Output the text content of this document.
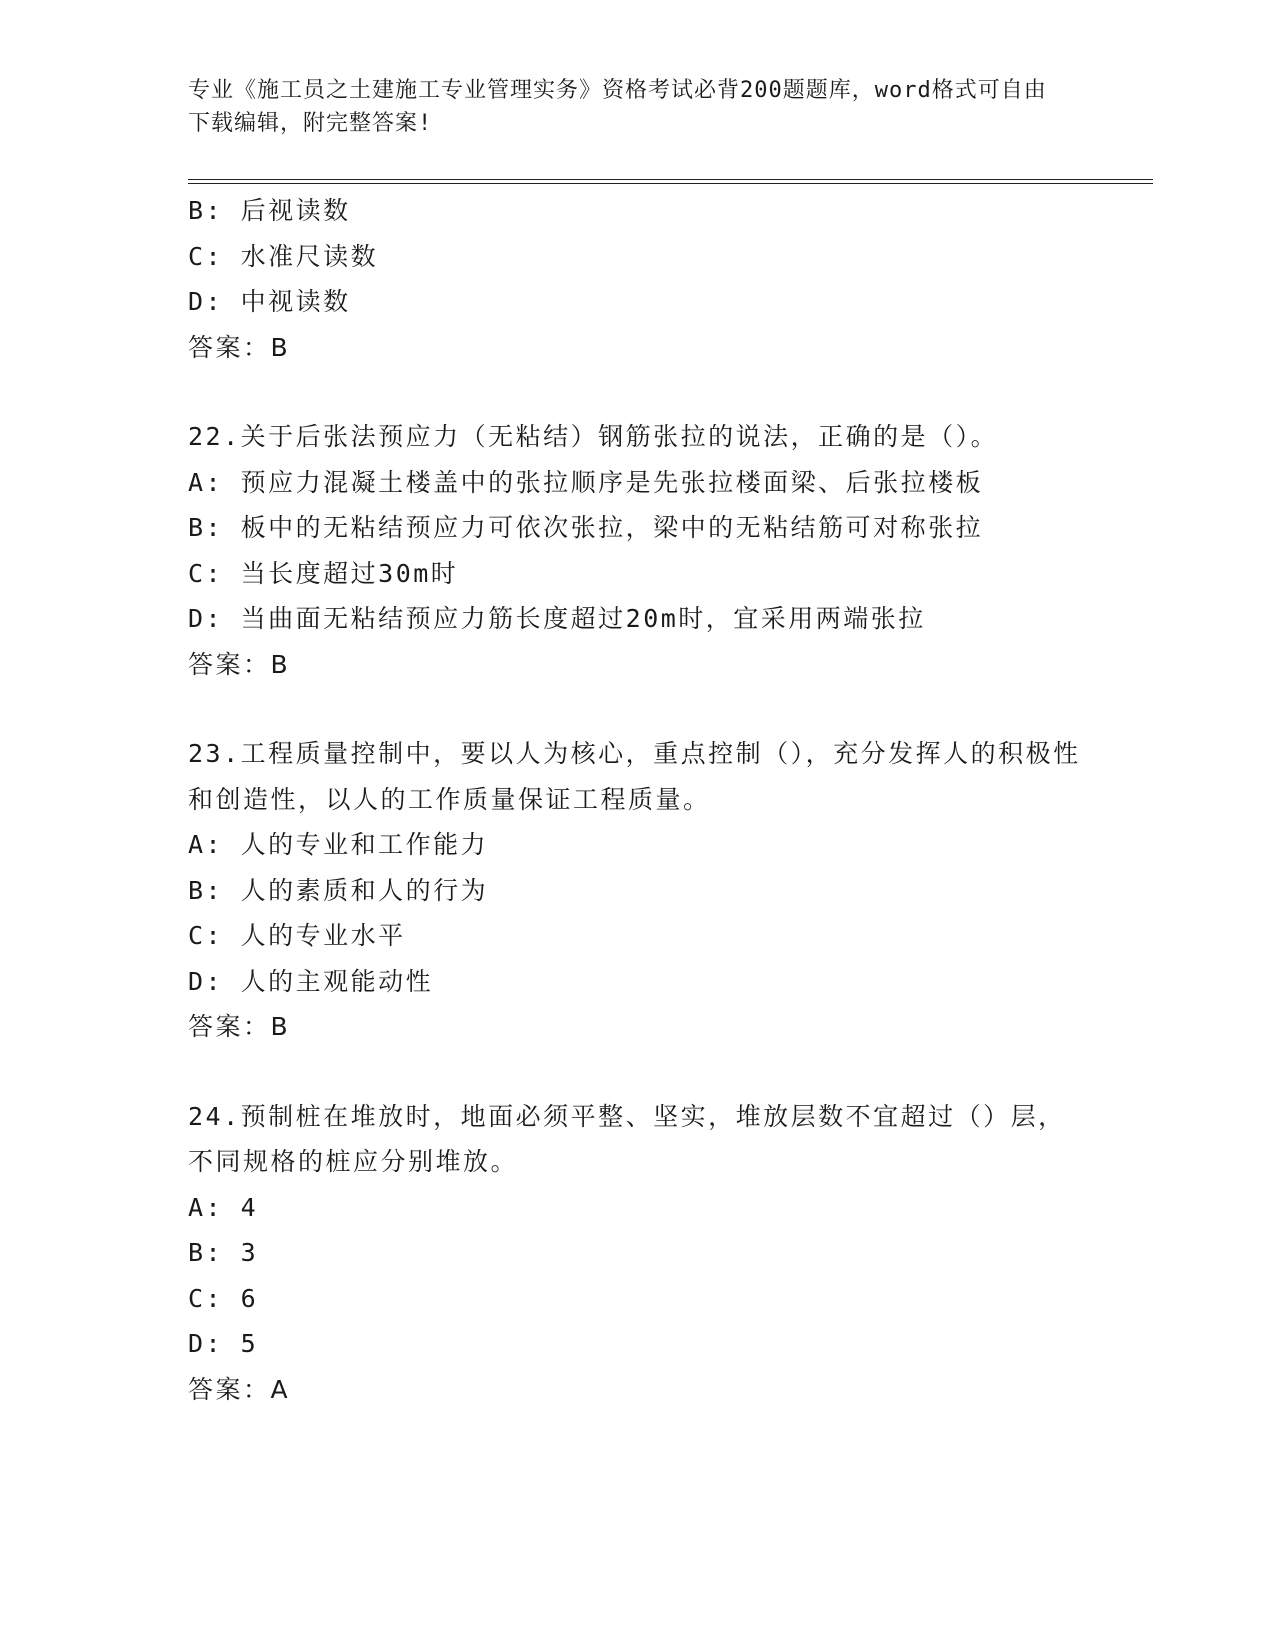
专业《施工员之土建施工专业管理实务》资格考试必背200题题库，word格式可自由下载编辑，附完整答案!
B: 后视读数
C: 水准尺读数
D: 中视读数
答案：B
22.关于后张法预应力（无粘结）钢筋张拉的说法，正确的是（）。
A: 预应力混凝土楼盖中的张拉顺序是先张拉楼面梁、后张拉楼板
B: 板中的无粘结预应力可依次张拉，梁中的无粘结筋可对称张拉
C: 当长度超过30m时
D: 当曲面无粘结预应力筋长度超过20m时，宜采用两端张拉
答案：B
23.工程质量控制中，要以人为核心，重点控制（），充分发挥人的积极性和创造性，以人的工作质量保证工程质量。
A: 人的专业和工作能力
B: 人的素质和人的行为
C: 人的专业水平
D: 人的主观能动性
答案：B
24.预制桩在堆放时，地面必须平整、坚实，堆放层数不宜超过（）层，不同规格的桩应分别堆放。
A: 4
B: 3
C: 6
D: 5
答案：A
